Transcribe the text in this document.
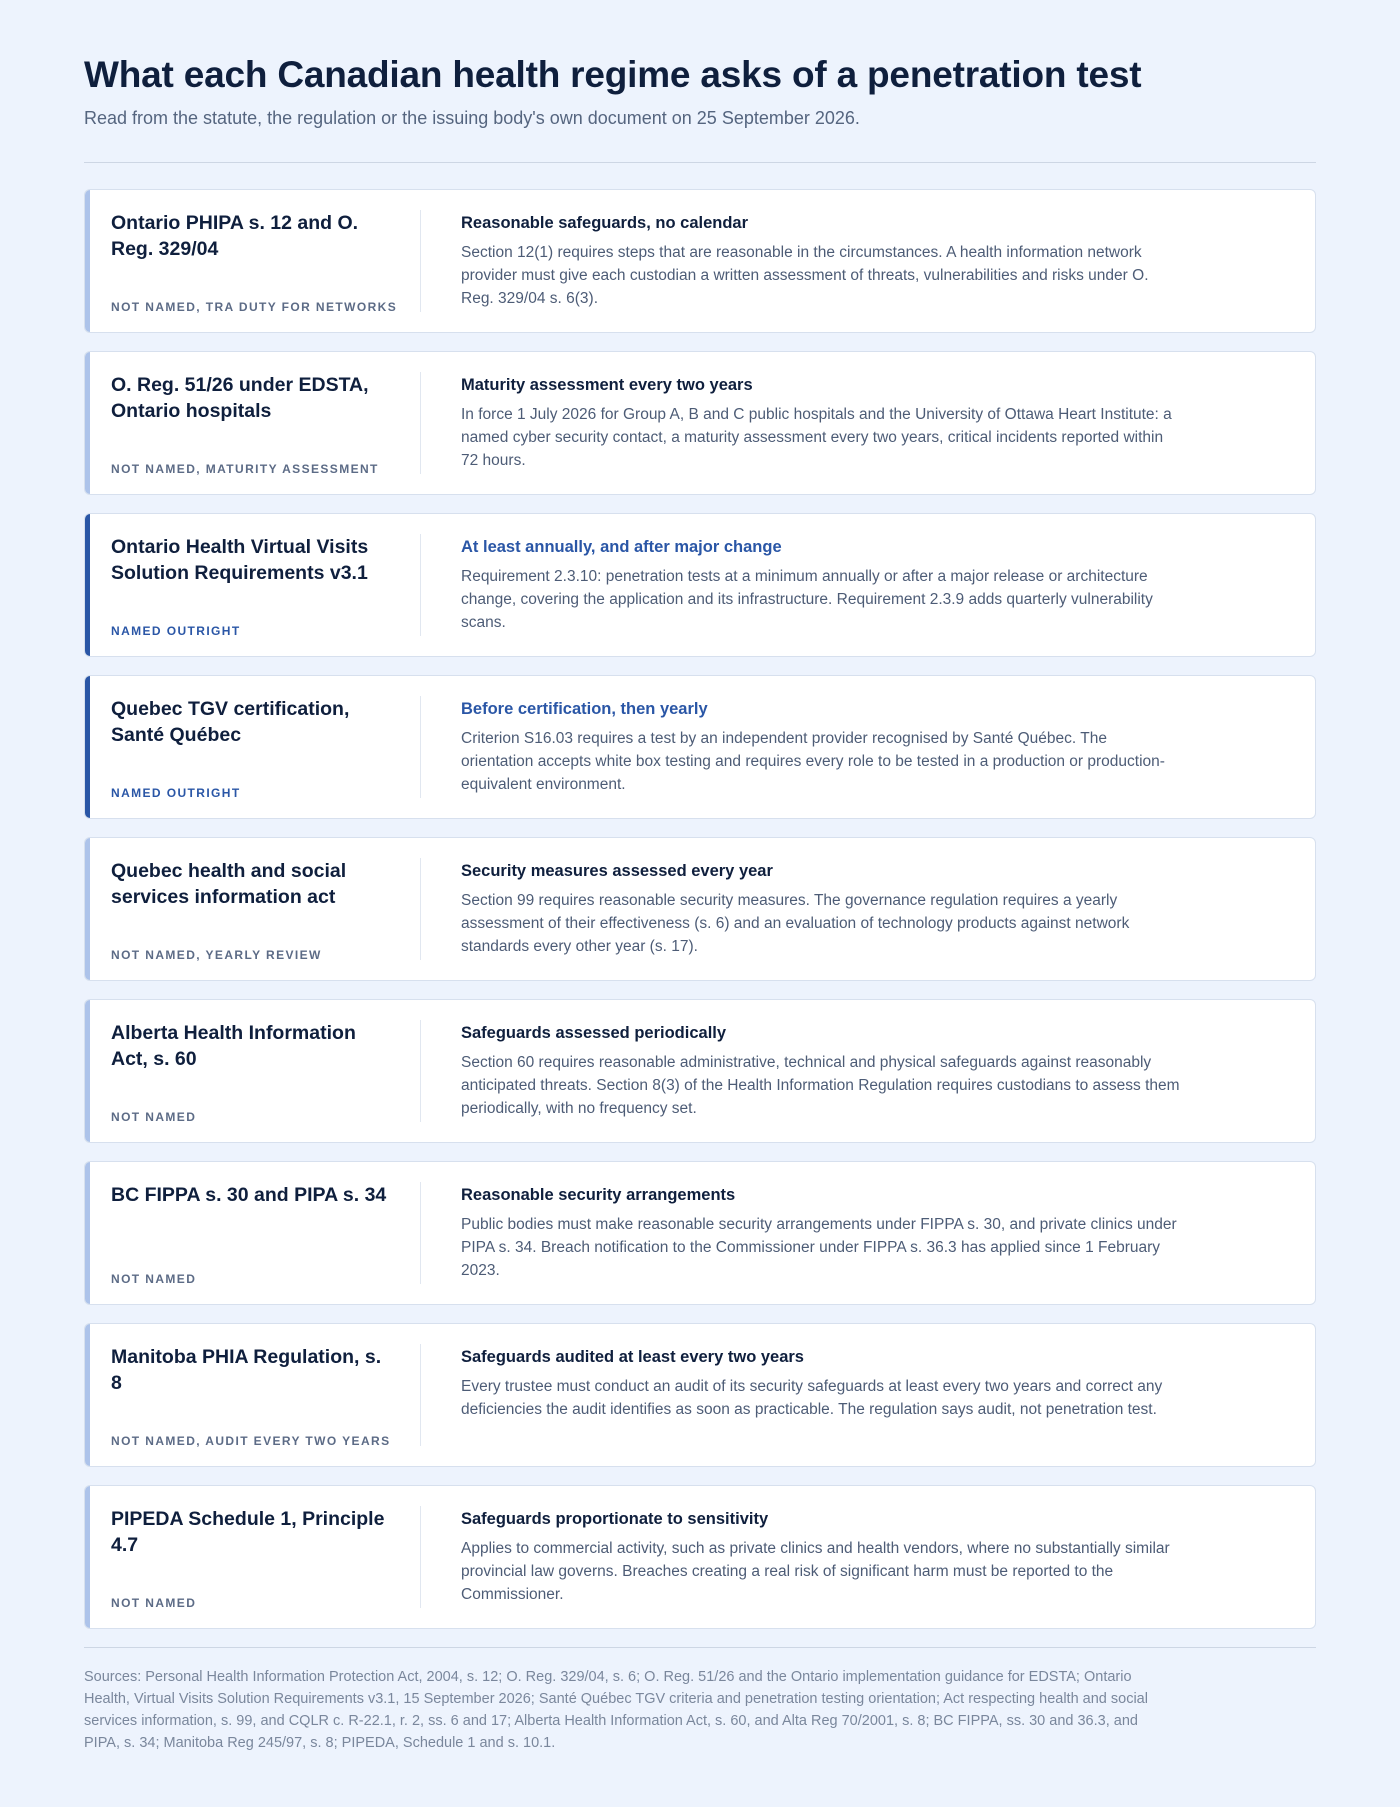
What each Canadian health regime asks of a penetration test

Read from the statute, the regulation or the issuing body's own document on 25 September 2026.

Ontario PHIPA s. 12 and O. Reg. 329/04
NOT NAMED, TRA DUTY FOR NETWORKS
Reasonable safeguards, no calendar
Section 12(1) requires steps that are reasonable in the circumstances. A health information network provider must give each custodian a written assessment of threats, vulnerabilities and risks under O. Reg. 329/04 s. 6(3).
O. Reg. 51/26 under EDSTA, Ontario hospitals
NOT NAMED, MATURITY ASSESSMENT
Maturity assessment every two years
In force 1 July 2026 for Group A, B and C public hospitals and the University of Ottawa Heart Institute: a named cyber security contact, a maturity assessment every two years, critical incidents reported within 72 hours.
Ontario Health Virtual Visits Solution Requirements v3.1
NAMED OUTRIGHT
At least annually, and after major change
Requirement 2.3.10: penetration tests at a minimum annually or after a major release or architecture change, covering the application and its infrastructure. Requirement 2.3.9 adds quarterly vulnerability scans.
Quebec TGV certification, Santé Québec
NAMED OUTRIGHT
Before certification, then yearly
Criterion S16.03 requires a test by an independent provider recognised by Santé Québec. The orientation accepts white box testing and requires every role to be tested in a production or production-equivalent environment.
Quebec health and social services information act
NOT NAMED, YEARLY REVIEW
Security measures assessed every year
Section 99 requires reasonable security measures. The governance regulation requires a yearly assessment of their effectiveness (s. 6) and an evaluation of technology products against network standards every other year (s. 17).
Alberta Health Information Act, s. 60
NOT NAMED
Safeguards assessed periodically
Section 60 requires reasonable administrative, technical and physical safeguards against reasonably anticipated threats. Section 8(3) of the Health Information Regulation requires custodians to assess them periodically, with no frequency set.
BC FIPPA s. 30 and PIPA s. 34
NOT NAMED
Reasonable security arrangements
Public bodies must make reasonable security arrangements under FIPPA s. 30, and private clinics under PIPA s. 34. Breach notification to the Commissioner under FIPPA s. 36.3 has applied since 1 February 2023.
Manitoba PHIA Regulation, s. 8
NOT NAMED, AUDIT EVERY TWO YEARS
Safeguards audited at least every two years
Every trustee must conduct an audit of its security safeguards at least every two years and correct any deficiencies the audit identifies as soon as practicable. The regulation says audit, not penetration test.
PIPEDA Schedule 1, Principle 4.7
NOT NAMED
Safeguards proportionate to sensitivity
Applies to commercial activity, such as private clinics and health vendors, where no substantially similar provincial law governs. Breaches creating a real risk of significant harm must be reported to the Commissioner.
Sources: Personal Health Information Protection Act, 2004, s. 12; O. Reg. 329/04, s. 6; O. Reg. 51/26 and the Ontario implementation guidance for EDSTA; Ontario Health, Virtual Visits Solution Requirements v3.1, 15 September 2026; Santé Québec TGV criteria and penetration testing orientation; Act respecting health and social services information, s. 99, and CQLR c. R-22.1, r. 2, ss. 6 and 17; Alberta Health Information Act, s. 60, and Alta Reg 70/2001, s. 8; BC FIPPA, ss. 30 and 36.3, and PIPA, s. 34; Manitoba Reg 245/97, s. 8; PIPEDA, Schedule 1 and s. 10.1.
